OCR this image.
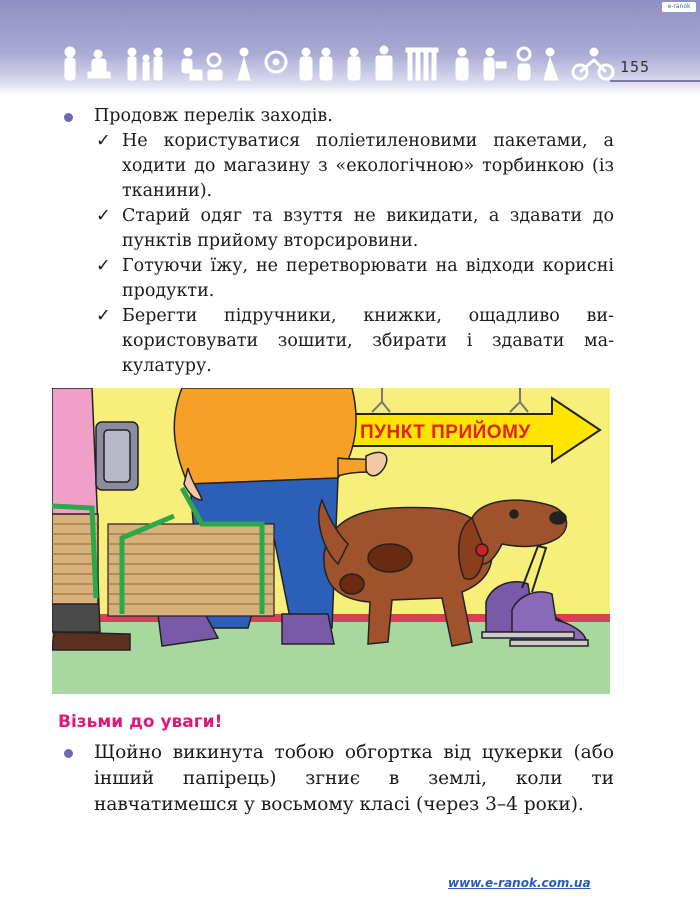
e-ranok
155
Продовж перелік заходів.
✓ Не користуватися поліетиленовими пакетами, а ходити до магазину з «екологічною» торбинкою (із тканини).
✓ Старий одяг та взуття не викидати, а здавати до пунктів прийому вторсировини.
✓ Готуючи їжу, не перетворювати на відходи корисні продукти.
✓ Берегти підручники, книжки, ощадливо використовувати зошити, збирати і здавати макулатуру.
ПУНКТ ПРИЙОМУ
Візьми до уваги!
Щойно викинута тобою обгортка від цукерки (або інший папірець) згниє в землі, коли ти навчатимешся у восьмому класі (через 3–4 роки).
www.e-ranok.com.ua
